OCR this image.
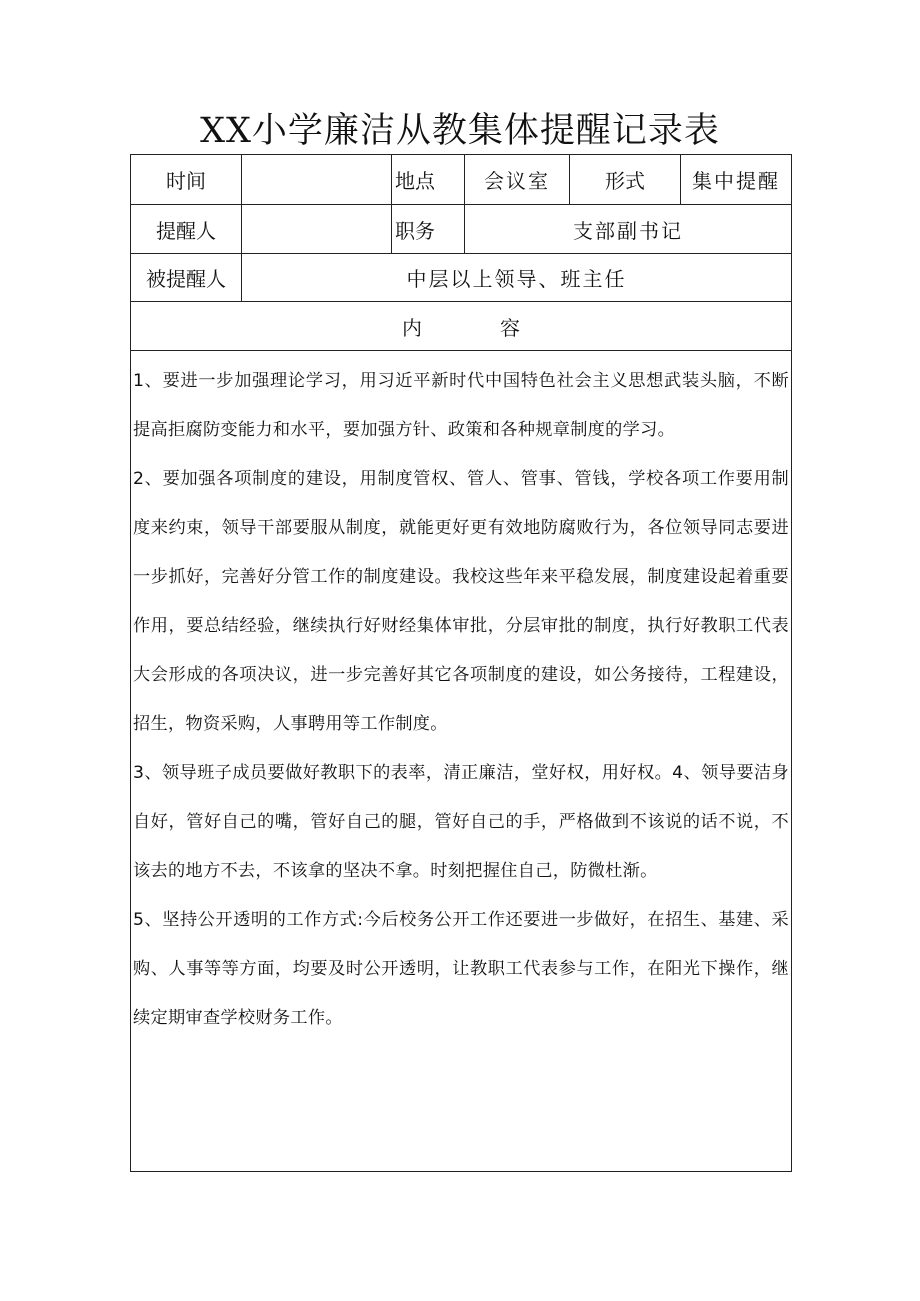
XX小学廉洁从教集体提醒记录表
时间		地点	会议室	形式	集中提醒
提醒人		职务	支部副书记		
被提醒人	中层以上领导、班主任				
内 容					

1、要进一步加强理论学习，用习近平新时代中国特色社会主义思想武装头脑，不断提高拒腐防变能力和水平，要加强方针、政策和各种规章制度的学习。

2、要加强各项制度的建设，用制度管权、管人、管事、管钱，学校各项工作要用制度来约束，领导干部要服从制度，就能更好更有效地防腐败行为，各位领导同志要进一步抓好，完善好分管工作的制度建设。我校这些年来平稳发展，制度建设起着重要作用，要总结经验，继续执行好财经集体审批，分层审批的制度，执行好教职工代表大会形成的各项决议，进一步完善好其它各项制度的建设，如公务接待，工程建设，招生，物资采购，人事聘用等工作制度。

3、领导班子成员要做好教职下的表率，清正廉洁，堂好权，用好权。4、领导要洁身自好，管好自己的嘴，管好自己的腿，管好自己的手，严格做到不该说的话不说，不该去的地方不去，不该拿的坚决不拿。时刻把握住自己，防微杜渐。

5、坚持公开透明的工作方式:今后校务公开工作还要进一步做好，在招生、基建、采购、人事等等方面，均要及时公开透明，让教职工代表参与工作，在阳光下操作，继续定期审查学校财务工作。					
